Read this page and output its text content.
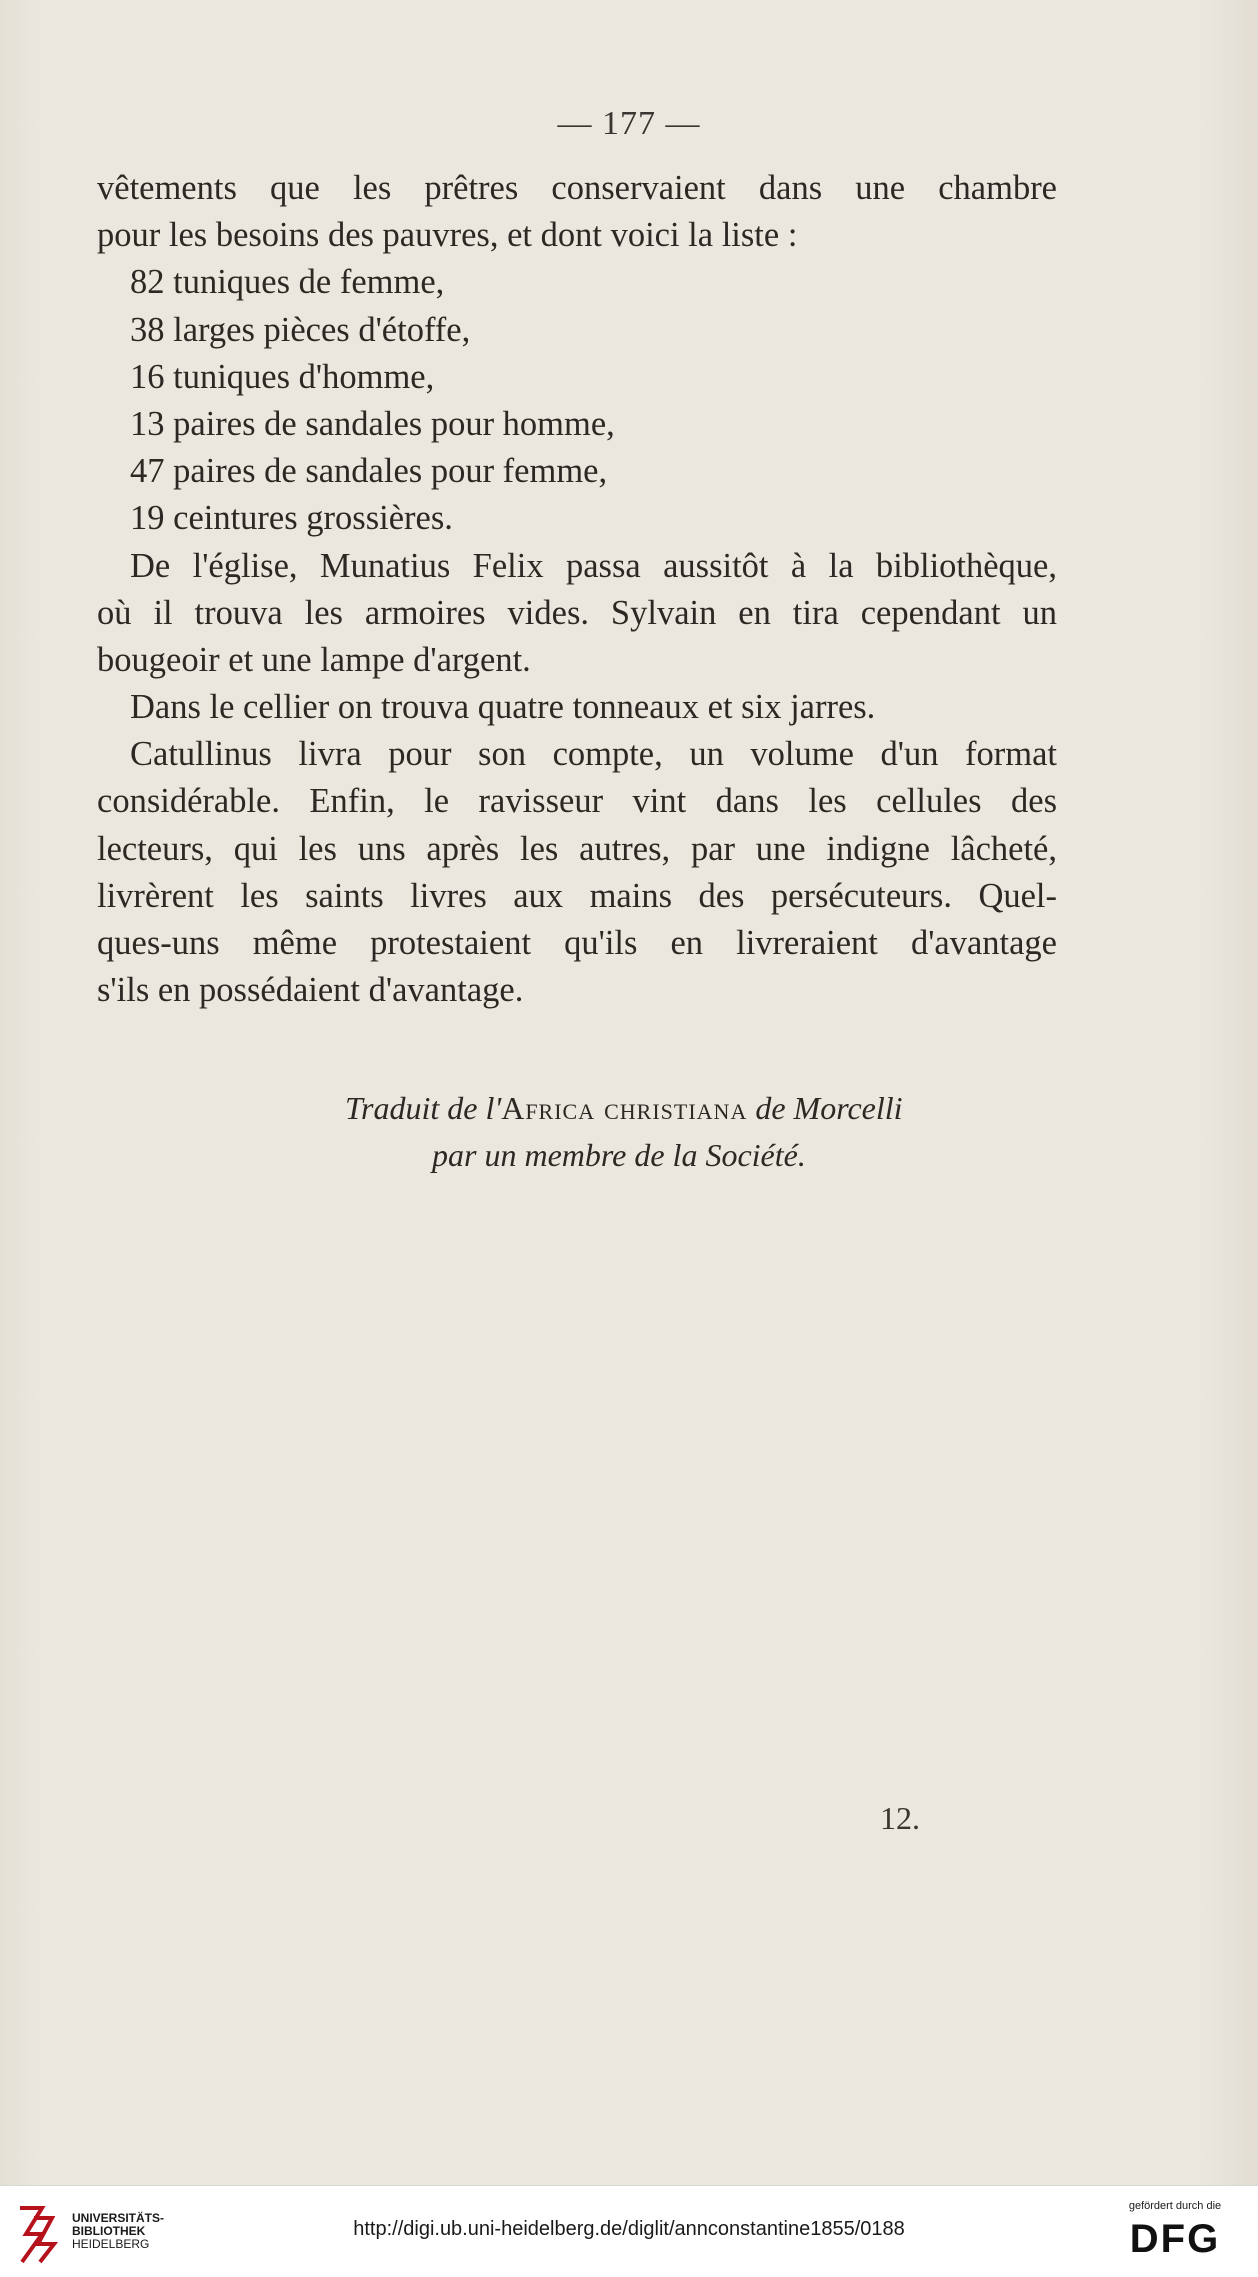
— 177 —
vêtements que les prêtres conservaient dans une chambre
pour les besoins des pauvres, et dont voici la liste :
82 tuniques de femme,
38 larges pièces d'étoffe,
16 tuniques d'homme,
13 paires de sandales pour homme,
47 paires de sandales pour femme,
19 ceintures grossières.
De l'église, Munatius Felix passa aussitôt à la bibliothèque,
où il trouva les armoires vides. Sylvain en tira cependant un
bougeoir et une lampe d'argent.
Dans le cellier on trouva quatre tonneaux et six jarres.
Catullinus livra pour son compte, un volume d'un format
considérable. Enfin, le ravisseur vint dans les cellules des
lecteurs, qui les uns après les autres, par une indigne lâcheté,
livrèrent les saints livres aux mains des persécuteurs. Quel-
ques-uns même protestaient qu'ils en livreraient d'avantage
s'ils en possédaient d'avantage.
Traduit de l'Africa christiana de Morcelli
par un membre de la Société.
12.
UNIVERSITÄTS-
BIBLIOTHEK
HEIDELBERG
http://digi.ub.uni-heidelberg.de/diglit/annconstantine1855/0188
gefördert durch die
DFG
